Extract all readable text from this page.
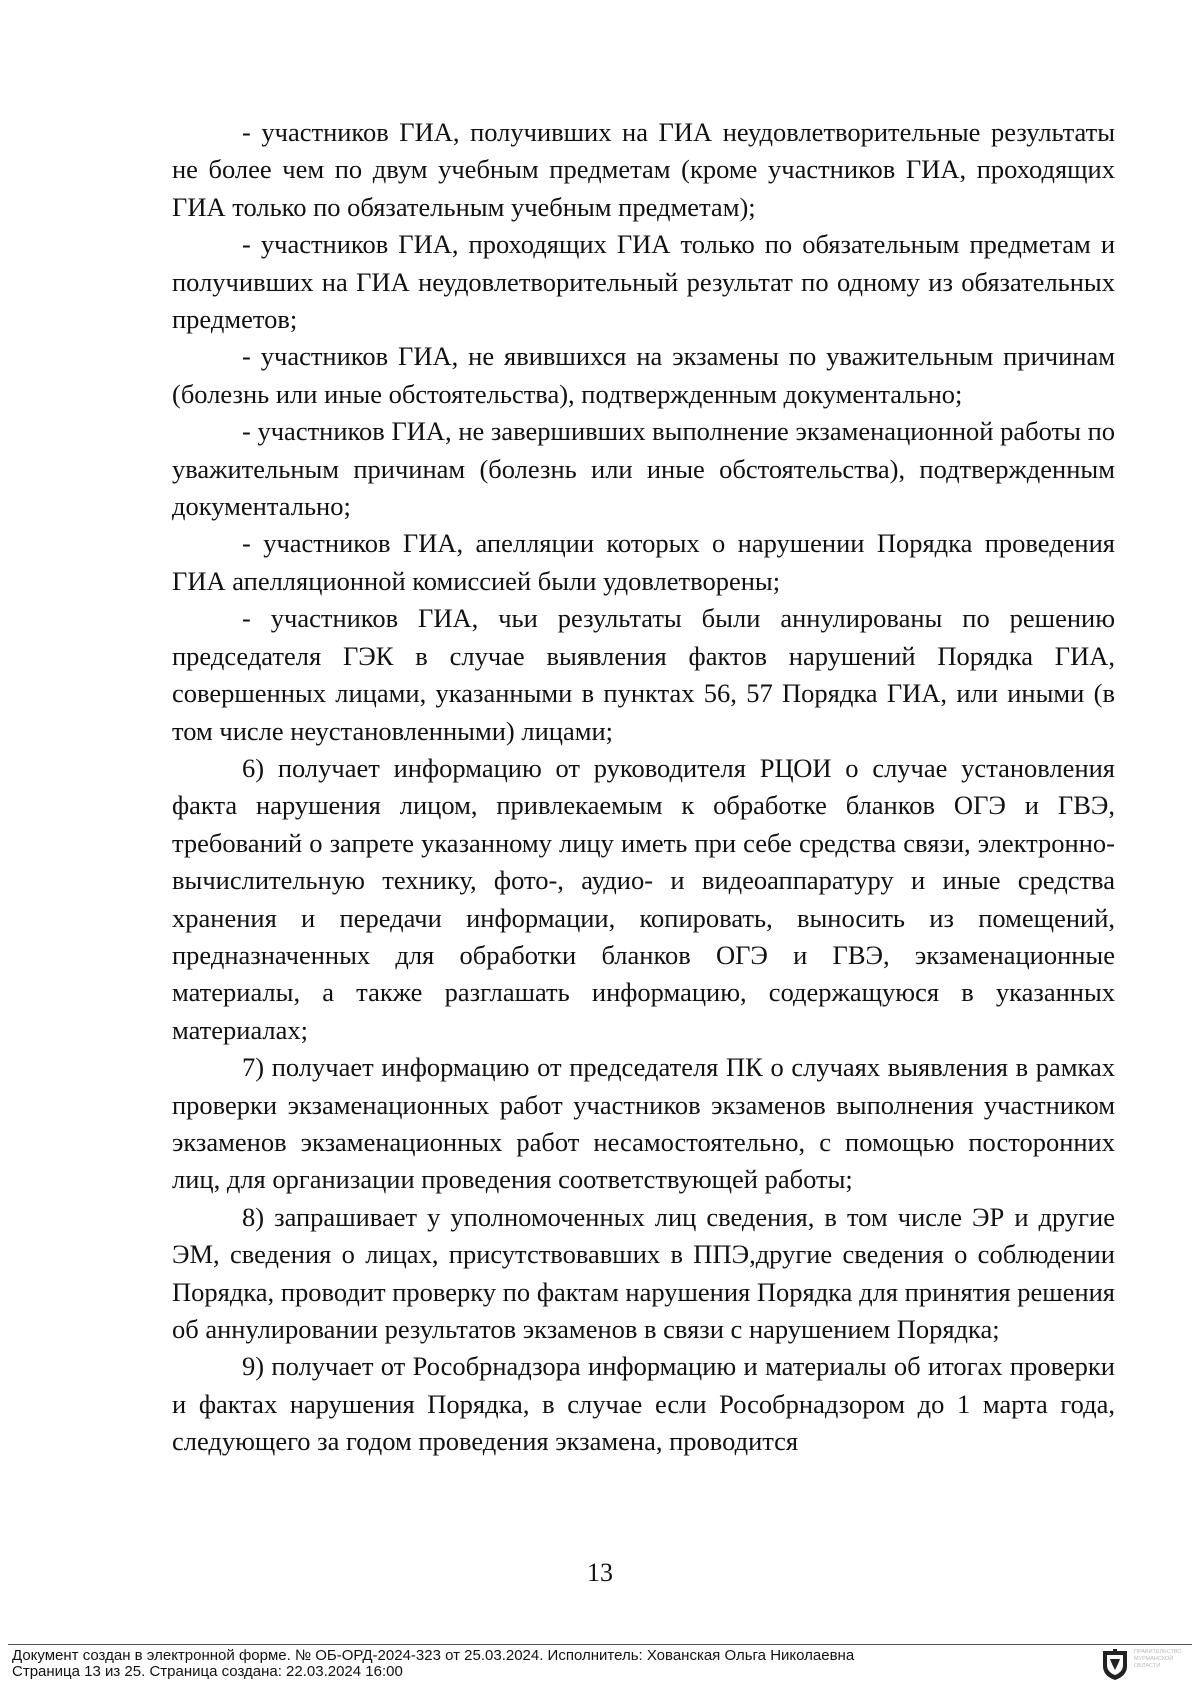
- участников ГИА, получивших на ГИА неудовлетворительные результаты не более чем по двум учебным предметам (кроме участников ГИА, проходящих ГИА только по обязательным учебным предметам);

- участников ГИА, проходящих ГИА только по обязательным предметам и получивших на ГИА неудовлетворительный результат по одному из обязательных предметов;

- участников ГИА, не явившихся на экзамены по уважительным причинам (болезнь или иные обстоятельства), подтвержденным документально;

- участников ГИА, не завершивших выполнение экзаменационной работы по уважительным причинам (болезнь или иные обстоятельства), подтвержденным документально;

- участников ГИА, апелляции которых о нарушении Порядка проведения ГИА апелляционной комиссией были удовлетворены;

- участников ГИА, чьи результаты были аннулированы по решению председателя ГЭК в случае выявления фактов нарушений Порядка ГИА, совершенных лицами, указанными в пунктах 56, 57 Порядка ГИА, или иными (в том числе неустановленными) лицами;

6) получает информацию от руководителя РЦОИ о случае установления факта нарушения лицом, привлекаемым к обработке бланков ОГЭ и ГВЭ, требований о запрете указанному лицу иметь при себе средства связи, электронно-вычислительную технику, фото-, аудио- и видеоаппаратуру и иные средства хранения и передачи информации, копировать, выносить из помещений, предназначенных для обработки бланков ОГЭ и ГВЭ, экзаменационные материалы, а также разглашать информацию, содержащуюся в указанных материалах;

7) получает информацию от председателя ПК о случаях выявления в рамках проверки экзаменационных работ участников экзаменов выполнения участником экзаменов экзаменационных работ несамостоятельно, с помощью посторонних лиц, для организации проведения соответствующей работы;

8) запрашивает у уполномоченных лиц сведения, в том числе ЭР и другие ЭМ, сведения о лицах, присутствовавших в ППЭ,другие сведения о соблюдении Порядка, проводит проверку по фактам нарушения Порядка для принятия решения об аннулировании результатов экзаменов в связи с нарушением Порядка;

9) получает от Рособрнадзора информацию и материалы об итогах проверки и фактах нарушения Порядка, в случае если Рособрнадзором до 1 марта года, следующего за годом проведения экзамена, проводится

13
Документ создан в электронной форме. № ОБ-ОРД-2024-323 от 25.03.2024. Исполнитель: Хованская Ольга Николаевна
Страница 13 из 25. Страница создана: 22.03.2024 16:00
ПРАВИТЕЛЬСТВО МУРМАНСКОЙ ОБЛАСТИ
